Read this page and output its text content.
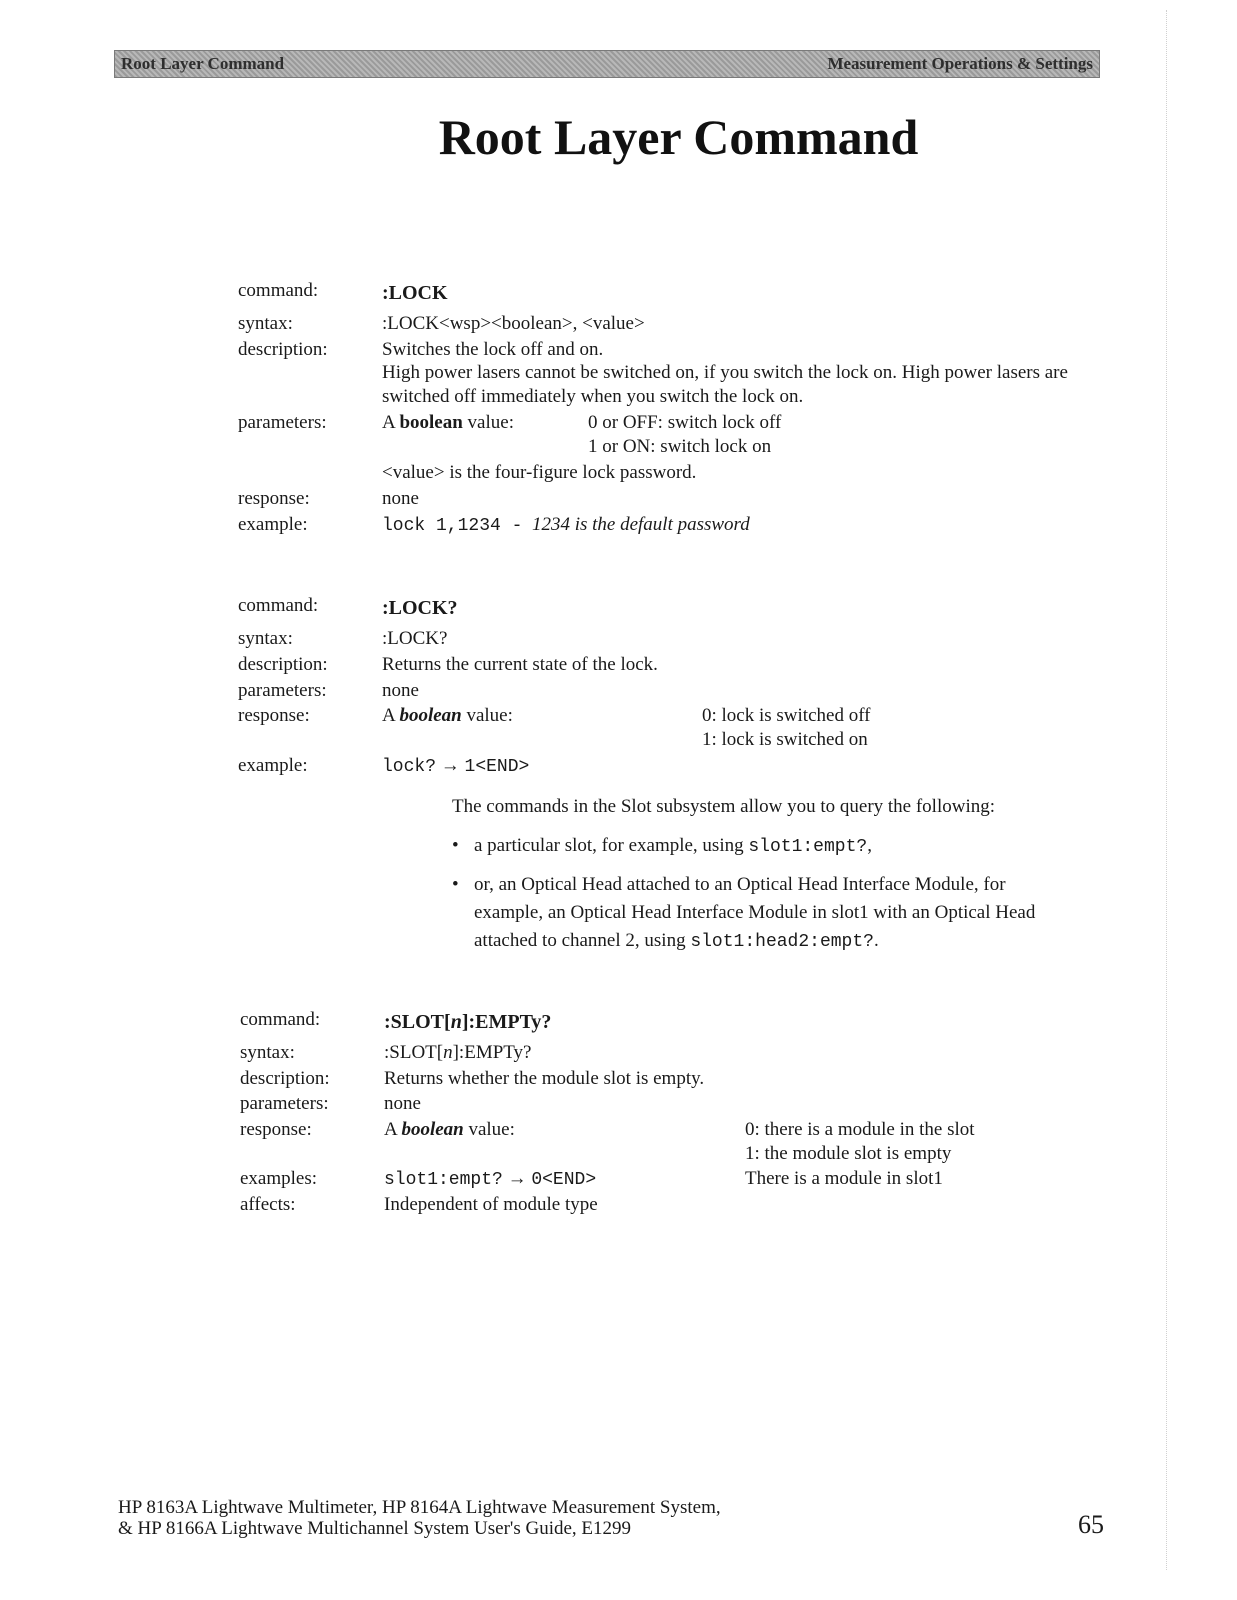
Root Layer Command	Measurement Operations & Settings
Root Layer Command
command:	:LOCK
syntax:	:LOCK<wsp><boolean>, <value>
description:	Switches the lock off and on.
High power lasers cannot be switched on, if you switch the lock on. High power lasers are
switched off immediately when you switch the lock on.
parameters:	A boolean value:	0 or OFF: switch lock off
1 or ON: switch lock on
<value> is the four-figure lock password.
response:	none
example:	lock 1,1234 - 1234 is the default password
command:	:LOCK?
syntax:	:LOCK?
description:	Returns the current state of the lock.
parameters:	none
response:	A boolean value:	0: lock is switched off
1: lock is switched on
example:	lock? → 1<END>
The commands in the Slot subsystem allow you to query the following:
• a particular slot, for example, using slot1:empt?,
• or, an Optical Head attached to an Optical Head Interface Module, for
example, an Optical Head Interface Module in slot1 with an Optical Head
attached to channel 2, using slot1:head2:empt?.
command:	:SLOT[n]:EMPTy?
syntax:	:SLOT[n]:EMPTy?
description:	Returns whether the module slot is empty.
parameters:	none
response:	A boolean value:	0: there is a module in the slot
1: the module slot is empty
examples:	slot1:empt? → 0<END>	There is a module in slot1
affects:	Independent of module type
HP 8163A Lightwave Multimeter, HP 8164A Lightwave Measurement System,
& HP 8166A Lightwave Multichannel System User's Guide, E1299	65
